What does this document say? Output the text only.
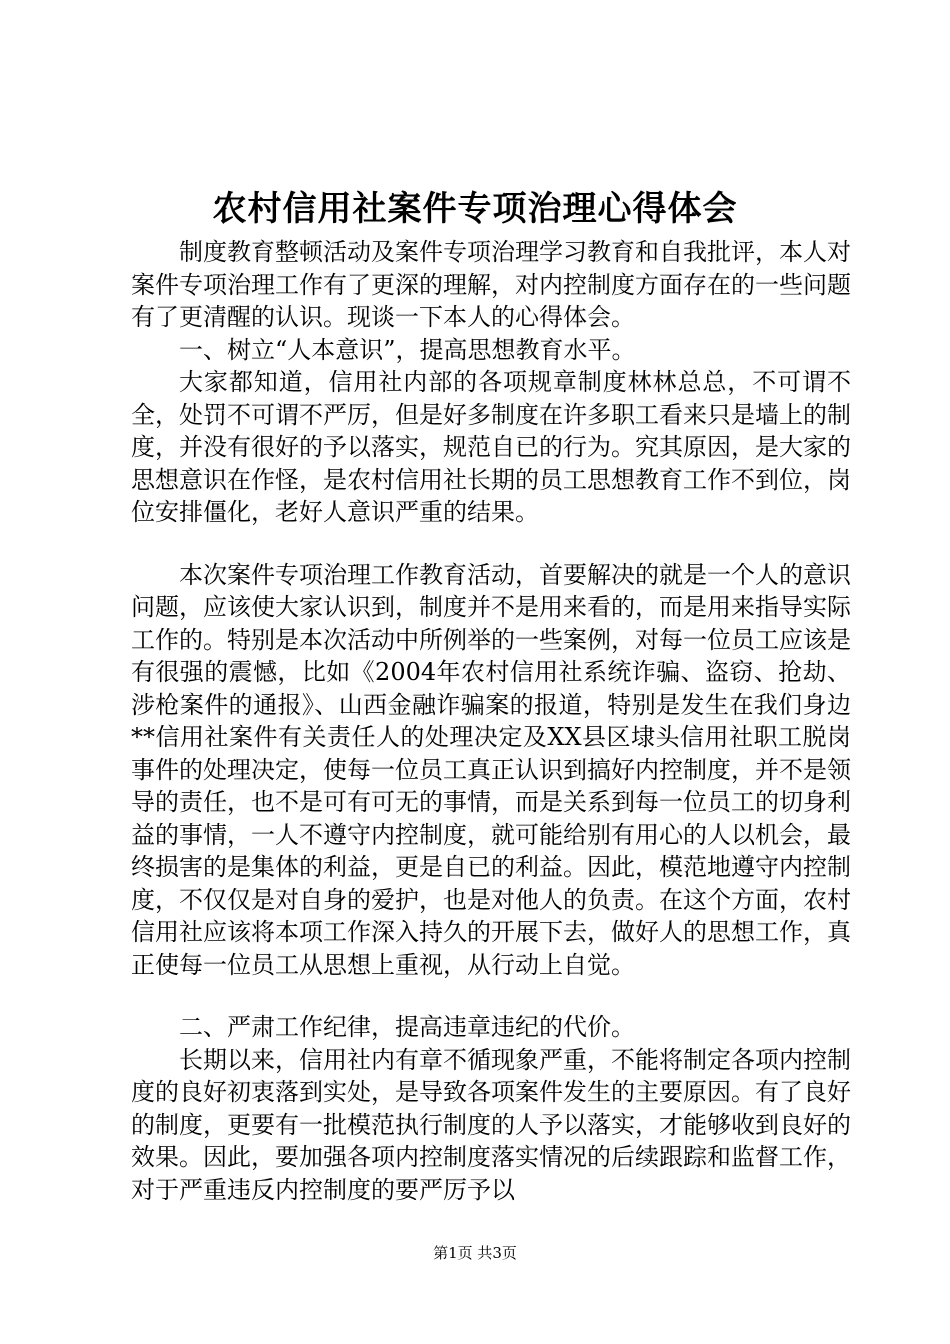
农村信用社案件专项治理心得体会

制度教育整顿活动及案件专项治理学习教育和自我批评，本人对案件专项治理工作有了更深的理解，对内控制度方面存在的一些问题有了更清醒的认识。现谈一下本人的心得体会。

一、树立“人本意识”，提高思想教育水平。

大家都知道，信用社内部的各项规章制度林林总总，不可谓不全，处罚不可谓不严厉，但是好多制度在许多职工看来只是墙上的制度，并没有很好的予以落实，规范自已的行为。究其原因，是大家的思想意识在作怪，是农村信用社长期的员工思想教育工作不到位，岗位安排僵化，老好人意识严重的结果。

本次案件专项治理工作教育活动，首要解决的就是一个人的意识问题，应该使大家认识到，制度并不是用来看的，而是用来指导实际工作的。特别是本次活动中所例举的一些案例，对每一位员工应该是有很强的震憾，比如《2004年农村信用社系统诈骗、盗窃、抢劫、涉枪案件的通报》、山西金融诈骗案的报道，特别是发生在我们身边**信用社案件有关责任人的处理决定及XX县区埭头信用社职工脱岗事件的处理决定，使每一位员工真正认识到搞好内控制度，并不是领导的责任，也不是可有可无的事情，而是关系到每一位员工的切身利益的事情，一人不遵守内控制度，就可能给别有用心的人以机会，最终损害的是集体的利益，更是自已的利益。因此，模范地遵守内控制度，不仅仅是对自身的爱护，也是对他人的负责。在这个方面，农村信用社应该将本项工作深入持久的开展下去，做好人的思想工作，真正使每一位员工从思想上重视，从行动上自觉。

二、严肃工作纪律，提高违章违纪的代价。

长期以来，信用社内有章不循现象严重，不能将制定各项内控制度的良好初衷落到实处，是导致各项案件发生的主要原因。有了良好的制度，更要有一批模范执行制度的人予以落实，才能够收到良好的效果。因此，要加强各项内控制度落实情况的后续跟踪和监督工作，对于严重违反内控制度的要严厉予以

第1页 共3页
